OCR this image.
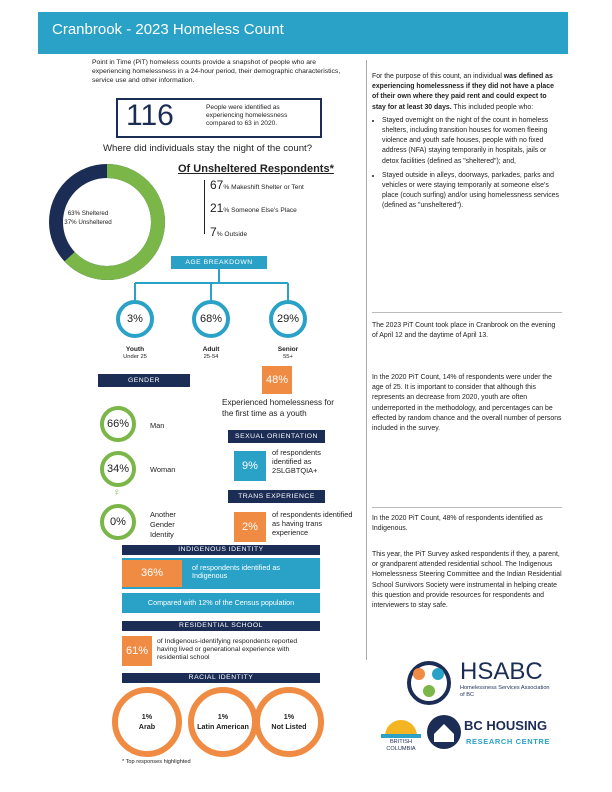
Cranbrook - 2023 Homeless Count
Point in Time (PiT) homeless counts provide a snapshot of people who are experiencing homelessness in a 24-hour period, their demographic characteristics, service use and other information.
116	People were identified as experiencing homelessness compared to 63 in 2020.
Where did individuals stay the night of the count?
63% Sheltered
37% Unsheltered
Of Unsheltered Respondents*
67% Makeshift Shelter or Tent
21% Someone Else's Place
7% Outside
AGE BREAKDOWN
3%	68%	29%
Youth
Under 25
Adult
25-54
Senior
55+
48%
Experienced homelessness for the first time as a youth
GENDER
66%	Man
34%	Woman
♀
0%
Another Gender Identity
SEXUAL ORIENTATION
9%
of respondents identified as 2SLGBTQIA+
TRANS EXPERIENCE
2%
of respondents identified as having trans experience
INDIGENOUS IDENTITY
36%	of respondents identified as Indigenous
Compared with 12% of the Census population
RESIDENTIAL SCHOOL
61%
of Indigenous-identifying respondents reported having lived or generational experience with residential school
RACIAL IDENTITY
1%
Arab
1%
Latin American
1%
Not Listed
* Top responses highlighted
For the purpose of this count, an individual was defined as experiencing homelessness if they did not have a place of their own where they paid rent and could expect to stay for at least 30 days. This included people who:
• Stayed overnight on the night of the count in homeless shelters, including transition houses for women fleeing violence and youth safe houses, people with no fixed address (NFA) staying temporarily in hospitals, jails or detox facilities (defined as "sheltered"); and,
• Stayed outside in alleys, doorways, parkades, parks and vehicles or were staying temporarily at someone else's place (couch surfing) and/or using homelessness services (defined as "unsheltered").
The 2023 PiT Count took place in Cranbrook on the evening of April 12 and the daytime of April 13.
In the 2020 PiT Count, 14% of respondents were under the age of 25. It is important to consider that although this represents an decrease from 2020, youth are often underreported in the methodology, and percentages can be effected by random chance and the overall number of persons included in the survey.
In the 2020 PiT Count, 48% of respondents identified as Indigenous.
This year, the PiT Survey asked respondents if they, a parent, or grandparent attended residential school. The Indigenous Homelessness Steering Committee and the Indian Residential School Survivors Society were instrumental in helping create this question and provide resources for respondents and interviewers to stay safe.
HSABC
Homelessness Services Association of BC
BRITISH
COLUMBIA
BC HOUSING
RESEARCH CENTRE
